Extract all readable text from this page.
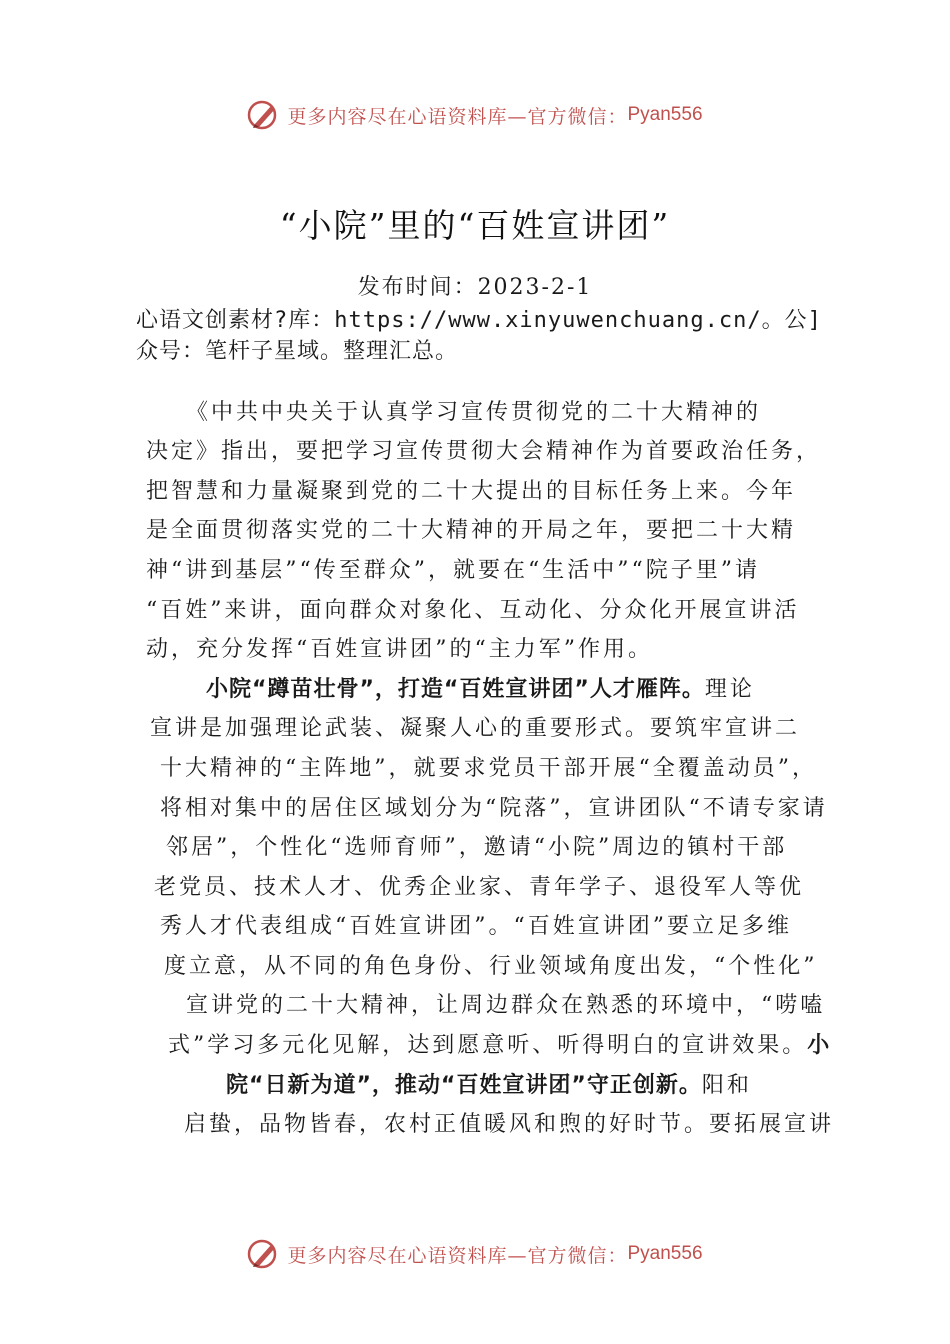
更多内容尽在心语资料库—官方微信： Pyan556
“小院”里的“百姓宣讲团”
发布时间：2023-2-1
心语文创素材?库：https://www.xinyuwenchuang.cn/。公]众号：笔杆子星域。整理汇总。
《中共中央关于认真学习宣传贯彻党的二十大精神的
决定》指出，要把学习宣传贯彻大会精神作为首要政治任务，
把智慧和力量凝聚到党的二十大提出的目标任务上来。今年
是全面贯彻落实党的二十大精神的开局之年，要把二十大精
神“讲到基层”“传至群众”，就要在“生活中”“院子里”请
“百姓”来讲，面向群众对象化、互动化、分众化开展宣讲活
动，充分发挥“百姓宣讲团”的“主力军”作用。
小院“蹲苗壮骨”，打造“百姓宣讲团”人才雁阵。理论
宣讲是加强理论武装、凝聚人心的重要形式。要筑牢宣讲二
十大精神的“主阵地”，就要求党员干部开展“全覆盖动员”，
将相对集中的居住区域划分为“院落”，宣讲团队“不请专家请
邻居”，个性化“选师育师”，邀请“小院”周边的镇村干部
老党员、技术人才、优秀企业家、青年学子、退役军人等优
秀人才代表组成“百姓宣讲团”。“百姓宣讲团”要立足多维
度立意，从不同的角色身份、行业领域角度出发，“个性化”
宣讲党的二十大精神，让周边群众在熟悉的环境中，“唠嗑
式”学习多元化见解，达到愿意听、听得明白的宣讲效果。小
院“日新为道”，推动“百姓宣讲团”守正创新。阳和
启蛰，品物皆春，农村正值暖风和煦的好时节。要拓展宣讲
更多内容尽在心语资料库—官方微信： Pyan556
